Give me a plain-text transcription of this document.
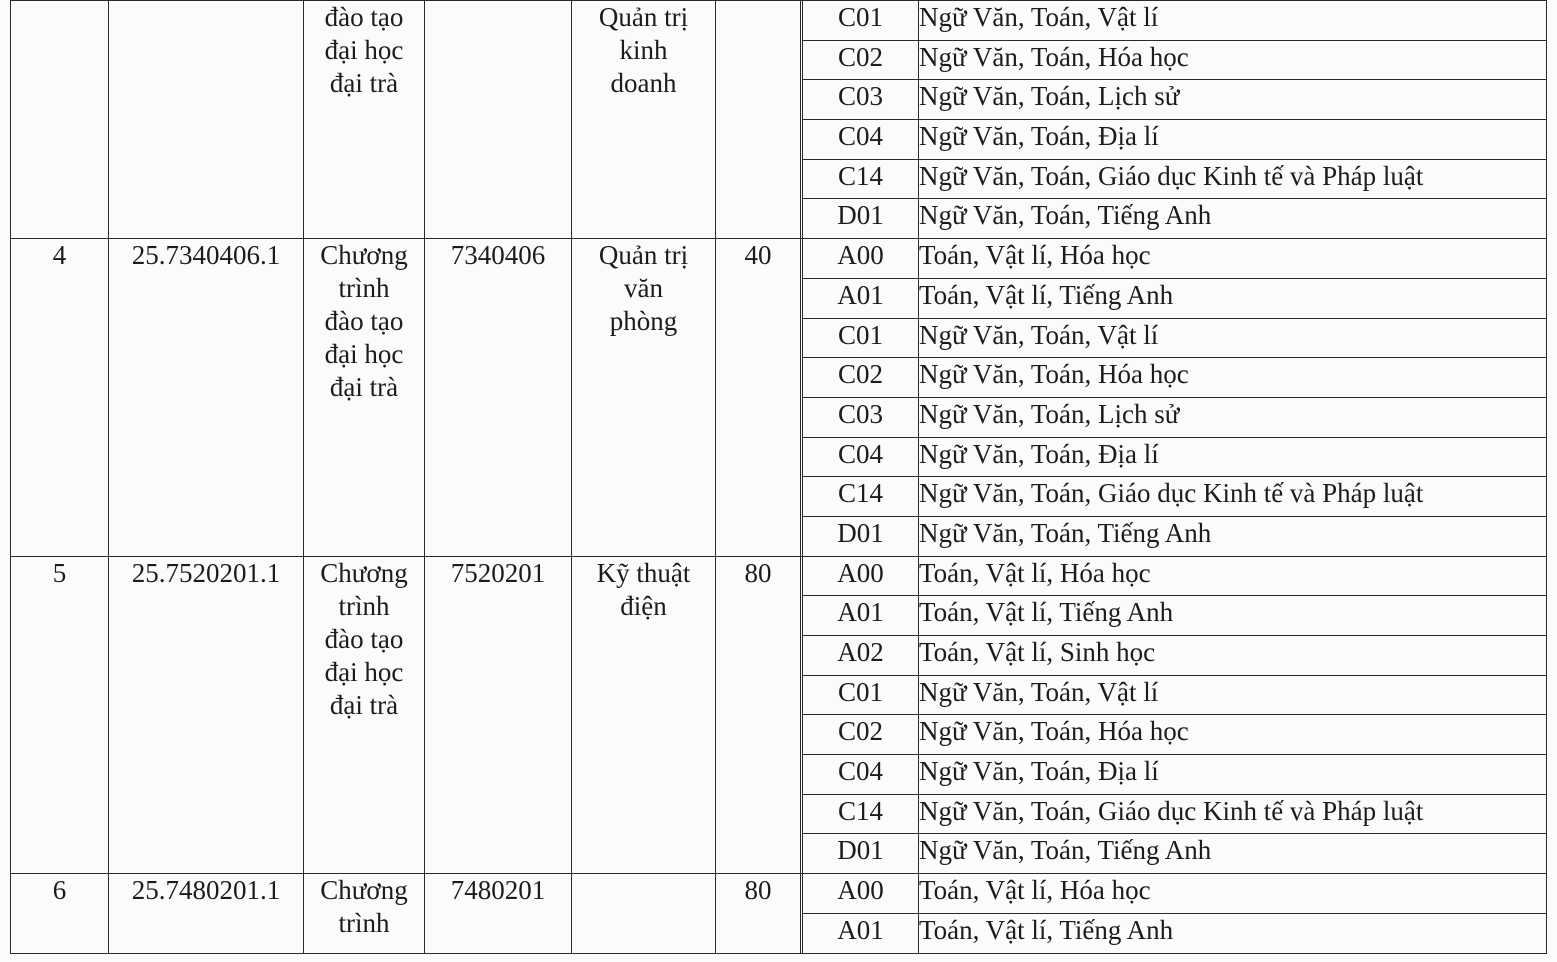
		đào tạo
đại học
đại trà		Quản trị
kinh
doanh			C01	Ngữ Văn, Toán, Vật lí
							C02	Ngữ Văn, Toán, Hóa học
							C03	Ngữ Văn, Toán, Lịch sử
							C04	Ngữ Văn, Toán, Địa lí
							C14	Ngữ Văn, Toán, Giáo dục Kinh tế và Pháp luật
							D01	Ngữ Văn, Toán, Tiếng Anh
4	25.7340406.1	Chương
trình
đào tạo
đại học
đại trà	7340406	Quản trị
văn
phòng	40		A00	Toán, Vật lí, Hóa học
							A01	Toán, Vật lí, Tiếng Anh
							C01	Ngữ Văn, Toán, Vật lí
							C02	Ngữ Văn, Toán, Hóa học
							C03	Ngữ Văn, Toán, Lịch sử
							C04	Ngữ Văn, Toán, Địa lí
							C14	Ngữ Văn, Toán, Giáo dục Kinh tế và Pháp luật
							D01	Ngữ Văn, Toán, Tiếng Anh
5	25.7520201.1	Chương
trình
đào tạo
đại học
đại trà	7520201	Kỹ thuật
điện	80		A00	Toán, Vật lí, Hóa học
							A01	Toán, Vật lí, Tiếng Anh
							A02	Toán, Vật lí, Sinh học
							C01	Ngữ Văn, Toán, Vật lí
							C02	Ngữ Văn, Toán, Hóa học
							C04	Ngữ Văn, Toán, Địa lí
							C14	Ngữ Văn, Toán, Giáo dục Kinh tế và Pháp luật
							D01	Ngữ Văn, Toán, Tiếng Anh
6	25.7480201.1	Chương
trình	7480201		80		A00	Toán, Vật lí, Hóa học
							A01	Toán, Vật lí, Tiếng Anh
